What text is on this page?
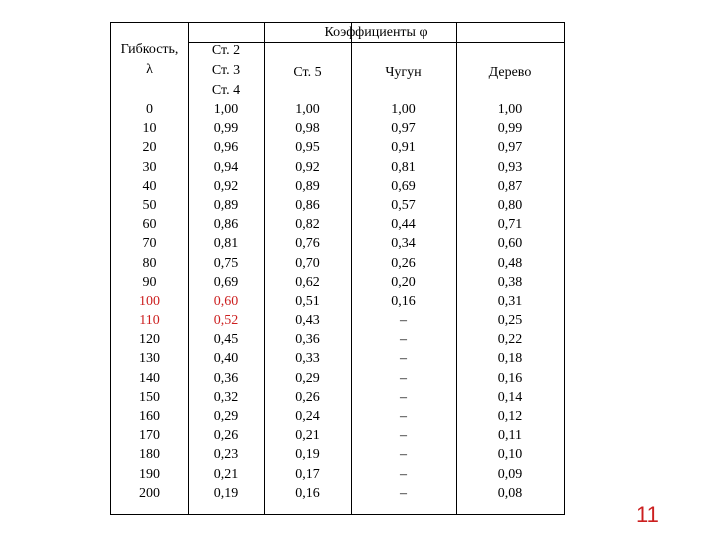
Коэффициенты φ
Гибкость,
λ
Ст. 2
Ст. 3
Ст. 4
Ст. 5	Чугун	Дерево
0
10
20
30
40
50
60
70
80
90
100
110
120
130
140
150
160
170
180
190
200
1,00
0,99
0,96
0,94
0,92
0,89
0,86
0,81
0,75
0,69
0,60
0,52
0,45
0,40
0,36
0,32
0,29
0,26
0,23
0,21
0,19
1,00
0,98
0,95
0,92
0,89
0,86
0,82
0,76
0,70
0,62
0,51
0,43
0,36
0,33
0,29
0,26
0,24
0,21
0,19
0,17
0,16
1,00
0,97
0,91
0,81
0,69
0,57
0,44
0,34
0,26
0,20
0,16
–
–
–
–
–
–
–
–
–
–
1,00
0,99
0,97
0,93
0,87
0,80
0,71
0,60
0,48
0,38
0,31
0,25
0,22
0,18
0,16
0,14
0,12
0,11
0,10
0,09
0,08
11
